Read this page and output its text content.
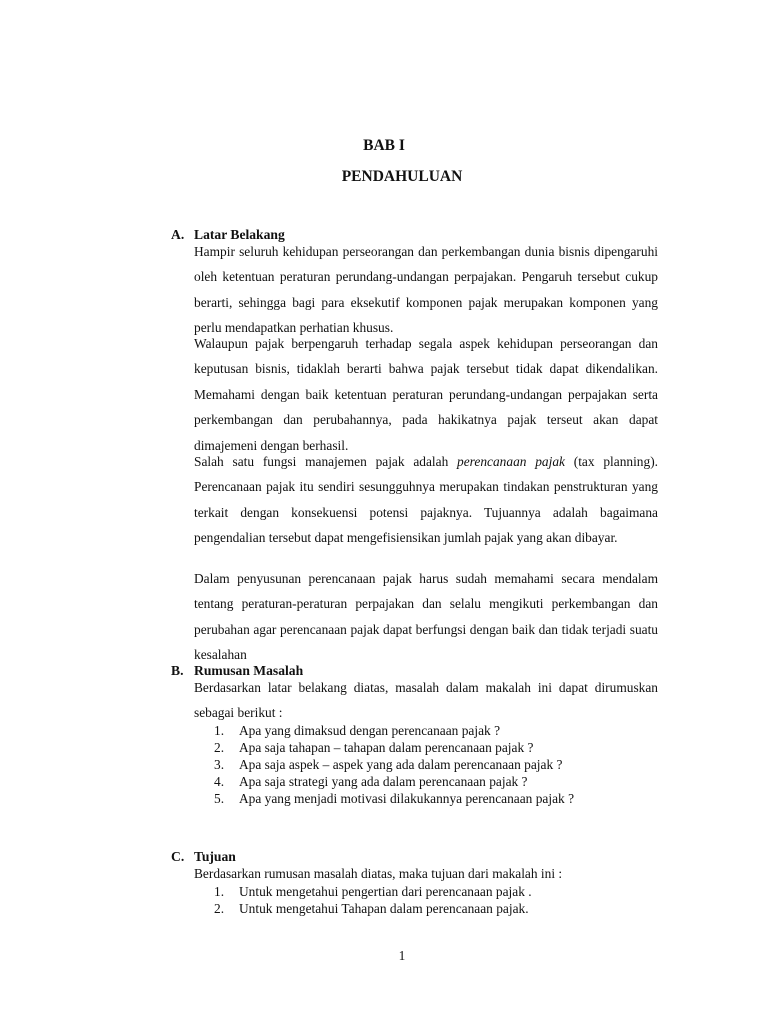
BAB I
PENDAHULUAN
A. Latar Belakang

Hampir seluruh kehidupan perseorangan dan perkembangan dunia bisnis dipengaruhi oleh ketentuan peraturan perundang-undangan perpajakan. Pengaruh tersebut cukup berarti, sehingga bagi para eksekutif komponen pajak merupakan komponen yang perlu mendapatkan perhatian khusus.

Walaupun pajak berpengaruh terhadap segala aspek kehidupan perseorangan dan keputusan bisnis, tidaklah berarti bahwa pajak tersebut tidak dapat dikendalikan. Memahami dengan baik ketentuan peraturan perundang-undangan perpajakan serta perkembangan dan perubahannya, pada hakikatnya pajak terseut akan dapat dimajemeni dengan berhasil.

Salah satu fungsi manajemen pajak adalah perencanaan pajak (tax planning). Perencanaan pajak itu sendiri sesungguhnya merupakan tindakan penstrukturan yang terkait dengan konsekuensi potensi pajaknya. Tujuannya adalah bagaimana pengendalian tersebut dapat mengefisiensikan jumlah pajak yang akan dibayar.

Dalam penyusunan perencanaan pajak harus sudah memahami secara mendalam tentang peraturan-peraturan perpajakan dan selalu mengikuti perkembangan dan perubahan agar perencanaan pajak dapat berfungsi dengan baik dan tidak terjadi suatu kesalahan

B. Rumusan Masalah

Berdasarkan latar belakang diatas, masalah dalam makalah ini dapat dirumuskan sebagai berikut :

1. Apa yang dimaksud dengan perencanaan pajak ?
2. Apa saja tahapan – tahapan dalam perencanaan pajak ?
3. Apa saja aspek – aspek yang ada dalam perencanaan pajak ?
4. Apa saja strategi yang ada dalam perencanaan pajak ?
5. Apa yang menjadi motivasi dilakukannya perencanaan pajak ?
C. Tujuan

Berdasarkan rumusan masalah diatas, maka tujuan dari makalah ini :

1. Untuk mengetahui pengertian dari perencanaan pajak .
2. Untuk mengetahui Tahapan dalam perencanaan pajak.
1
